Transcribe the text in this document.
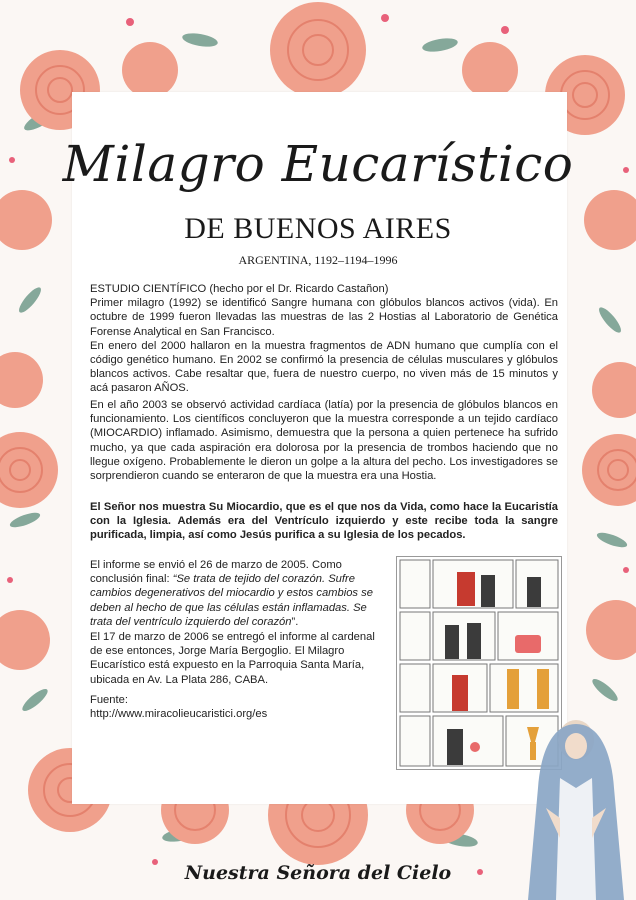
Milagro Eucarístico
DE BUENOS AIRES
ARGENTINA, 1192–1194–1996

ESTUDIO CIENTÍFICO (hecho por el Dr. Ricardo Castañon)

Primer milagro (1992) se identificó Sangre humana con glóbulos blancos activos (vida). En octubre de 1999 fueron llevadas las muestras de las 2 Hostias al Laboratorio de Genética Forense Analytical en San Francisco.

En enero del 2000 hallaron en la muestra fragmentos de ADN humano que cumplía con el código genético humano. En 2002 se confirmó la presencia de células musculares y glóbulos blancos activos. Cabe resaltar que, fuera de nuestro cuerpo, no viven más de 15 minutos y acá pasaron AÑOS.

En el año 2003 se observó actividad cardíaca (latía) por la presencia de glóbulos blancos en funcionamiento. Los científicos concluyeron que la muestra corresponde a un tejido cardíaco (MIOCARDIO) inflamado. Asimismo, demuestra que la persona a quien pertenece ha sufrido mucho, ya que cada aspiración era dolorosa por la presencia de trombos haciendo que no llegue oxígeno. Probablemente le dieron un golpe a la altura del pecho. Los investigadores se sorprendieron cuando se enteraron de que la muestra era una Hostia.
El Señor nos muestra Su Miocardio, que es el que nos da Vida, como hace la Eucaristía con la Iglesia. Además era del Ventrículo izquierdo y este recibe toda la sangre purificada, limpia, así como Jesús purifica a su Iglesia de los pecados.
El informe se envió el 26 de marzo de 2005. Como conclusión final: “Se trata de tejido del corazón. Sufre cambios degenerativos del miocardio y estos cambios se deben al hecho de que las células están inflamadas. Se trata del ventrículo izquierdo del corazón”.
El 17 de marzo de 2006 se entregó el informe al cardenal de ese entonces, Jorge María Bergoglio. El Milagro Eucarístico está expuesto en la Parroquia Santa María, ubicada en Av. La Plata 286, CABA.
Fuente:
http://www.miracolieucaristici.org/es
Nuestra Señora del Cielo
